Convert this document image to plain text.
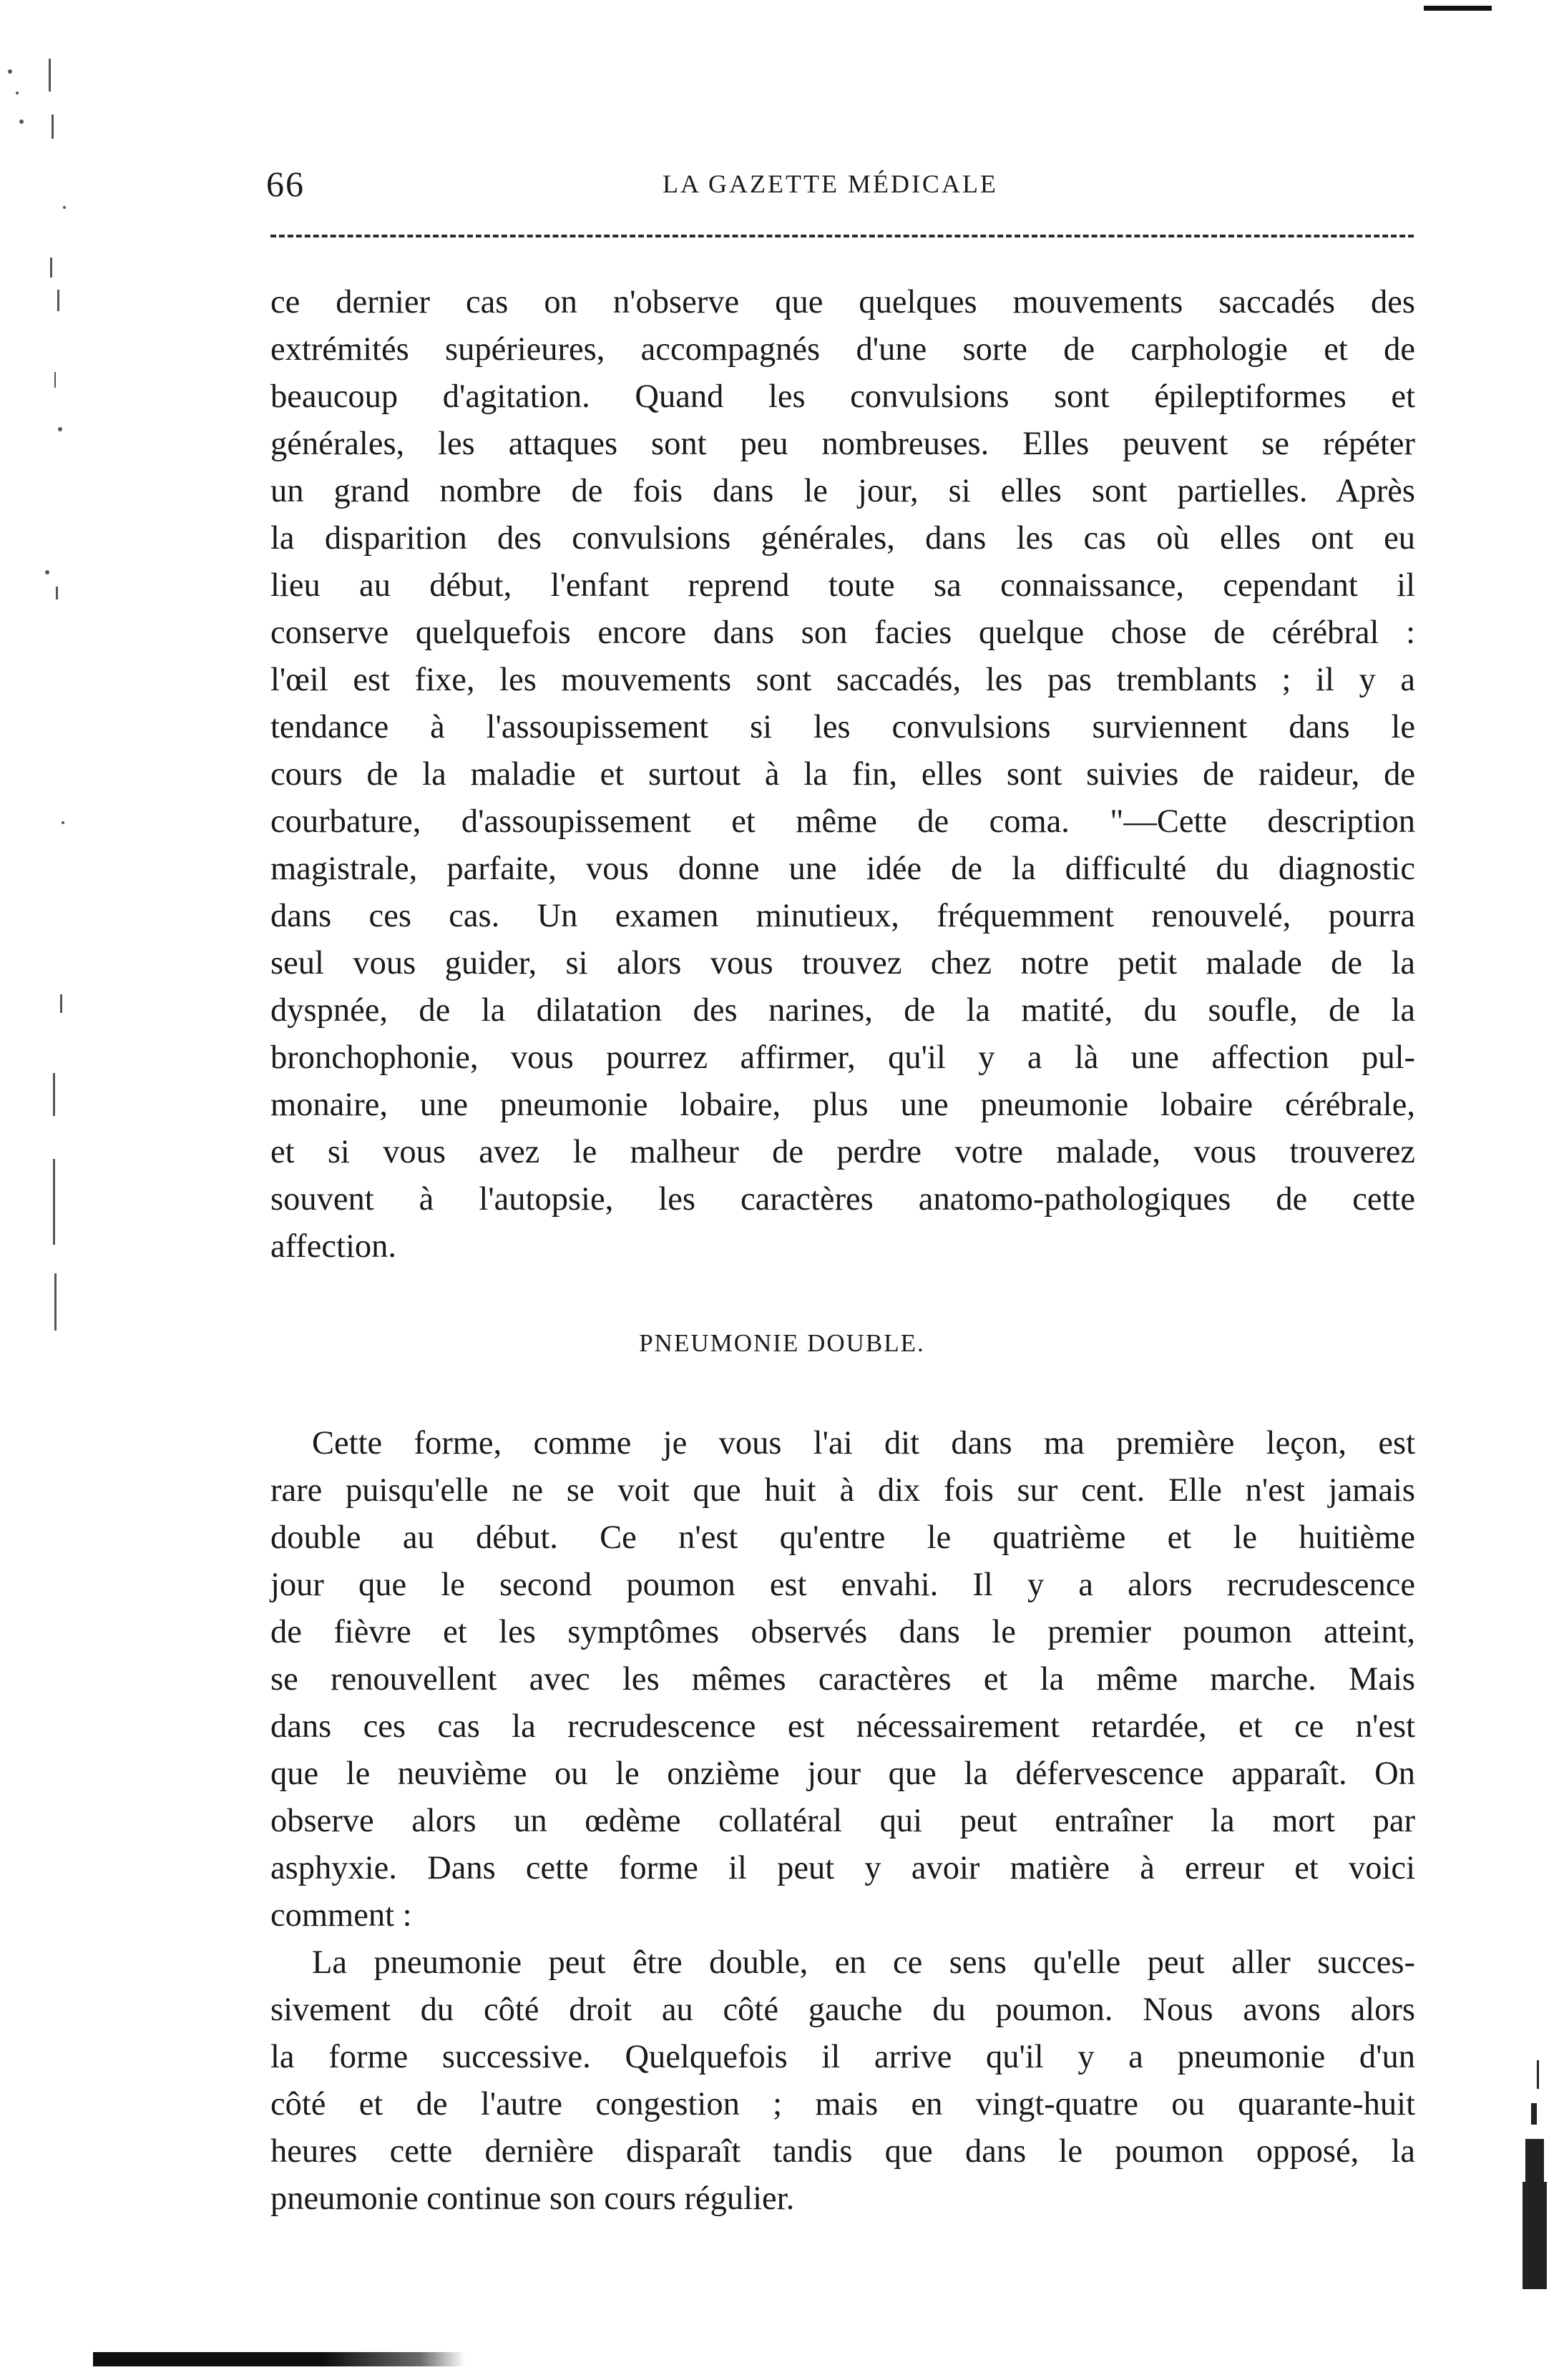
66	LA GAZETTE MÉDICALE
ce dernier cas on n'observe que quelques mouvements saccadés des
extrémités supérieures, accompagnés d'une sorte de carphologie et de
beaucoup d'agitation. Quand les convulsions sont épileptiformes et
générales, les attaques sont peu nombreuses. Elles peuvent se répéter
un grand nombre de fois dans le jour, si elles sont partielles. Après
la disparition des convulsions générales, dans les cas où elles ont eu
lieu au début, l'enfant reprend toute sa connaissance, cependant il
conserve quelquefois encore dans son facies quelque chose de cérébral :
l'œil est fixe, les mouvements sont saccadés, les pas tremblants ; il y a
tendance à l'assoupissement si les convulsions surviennent dans le
cours de la maladie et surtout à la fin, elles sont suivies de raideur, de
courbature, d'assoupissement et même de coma. "—Cette description
magistrale, parfaite, vous donne une idée de la difficulté du diagnostic
dans ces cas. Un examen minutieux, fréquemment renouvelé, pourra
seul vous guider, si alors vous trouvez chez notre petit malade de la
dyspnée, de la dilatation des narines, de la matité, du soufle, de la
bronchophonie, vous pourrez affirmer, qu'il y a là une affection pul-
monaire, une pneumonie lobaire, plus une pneumonie lobaire cérébrale,
et si vous avez le malheur de perdre votre malade, vous trouverez
souvent à l'autopsie, les caractères anatomo-pathologiques de cette
affection.
PNEUMONIE DOUBLE.
Cette forme, comme je vous l'ai dit dans ma première leçon, est
rare puisqu'elle ne se voit que huit à dix fois sur cent. Elle n'est jamais
double au début. Ce n'est qu'entre le quatrième et le huitième
jour que le second poumon est envahi. Il y a alors recrudescence
de fièvre et les symptômes observés dans le premier poumon atteint,
se renouvellent avec les mêmes caractères et la même marche. Mais
dans ces cas la recrudescence est nécessairement retardée, et ce n'est
que le neuvième ou le onzième jour que la défervescence apparaît. On
observe alors un œdème collatéral qui peut entraîner la mort par
asphyxie. Dans cette forme il peut y avoir matière à erreur et voici
comment :
La pneumonie peut être double, en ce sens qu'elle peut aller succes-
sivement du côté droit au côté gauche du poumon. Nous avons alors
la forme successive. Quelquefois il arrive qu'il y a pneumonie d'un
côté et de l'autre congestion ; mais en vingt-quatre ou quarante-huit
heures cette dernière disparaît tandis que dans le poumon opposé, la
pneumonie continue son cours régulier.
